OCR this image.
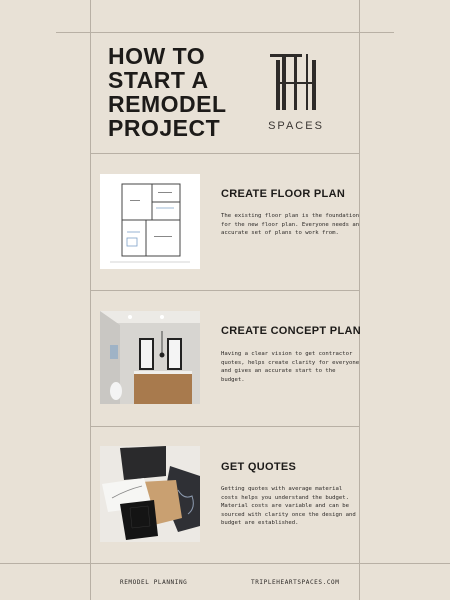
HOW TO
START A
REMODEL
PROJECT	SPACES
CREATE FLOOR PLAN
The existing floor plan is the foundation for the new floor plan. Everyone needs an accurate set of plans to work from.
CREATE CONCEPT PLAN
Having a clear vision to get contractor quotes, helps create clarity for everyone and gives an accurate start to the budget.
GET QUOTES
Getting quotes with average material costs helps you understand the budget. Material costs are variable and can be sourced with clarity once the design and budget are established.
REMODEL PLANNING	TRIPLEHEARTSPACES.COM
